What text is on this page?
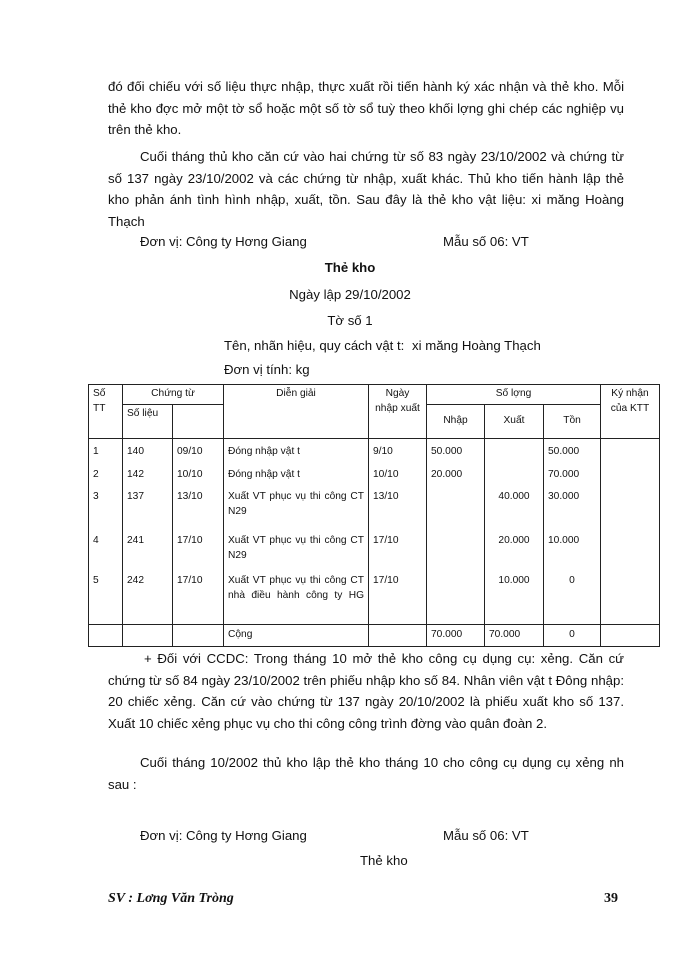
đó đối chiếu với số liệu thực nhập, thực xuất rồi tiến hành ký xác nhận và thẻ kho. Mỗi thẻ kho đợc mở một tờ sổ hoặc một số tờ sổ tuỳ theo khối lợng ghi chép các nghiệp vụ trên thẻ kho.

Cuối tháng thủ kho căn cứ vào hai chứng từ số 83 ngày 23/10/2002 và chứng từ số 137 ngày 23/10/2002 và các chứng từ nhập, xuất khác. Thủ kho tiến hành lập thẻ kho phản ánh tình hình nhập, xuất, tồn. Sau đây là thẻ kho vật liệu: xi măng Hoàng Thạch

Đơn vị: Công ty Hơng Giang	Mẫu số 06: VT
Thẻ kho
Ngày lập 29/10/2002
Tờ số 1
Tên, nhãn hiệu, quy cách vật t: xi măng Hoàng Thạch
Đơn vị tính: kg
Số TT	Chứng từ		Diễn giải	Ngày nhập xuất	Số lợng			Ký nhận của KTT
	Số liệu				Nhập	Xuất	Tồn	
1	140	09/10	Đóng nhập vật t	9/10	50.000		50.000	
2	142	10/10	Đóng nhập vật t	10/10	20.000		70.000	
3	137	13/10	Xuất VT phục vụ thi công CT N29	13/10		40.000	30.000	
4	241	17/10	Xuất VT phục vụ thi công CT N29	17/10		20.000	10.000	
5	242	17/10	Xuất VT phục vụ thi công CT nhà điều hành công ty HG	17/10		10.000	0	
			Cộng		70.000	70.000	0	

+ Đối với CCDC: Trong tháng 10 mở thẻ kho công cụ dụng cụ: xẻng. Căn cứ chứng từ số 84 ngày 23/10/2002 trên phiếu nhập kho số 84. Nhân viên vật t Đông nhập: 20 chiếc xẻng. Căn cứ vào chứng từ 137 ngày 20/10/2002 là phiếu xuất kho số 137. Xuất 10 chiếc xẻng phục vụ cho thi công công trình đờng vào quân đoàn 2.

Cuối tháng 10/2002 thủ kho lập thẻ kho tháng 10 cho công cụ dụng cụ xẻng nh sau :

Đơn vị: Công ty Hơng Giang	Mẫu số 06: VT
Thẻ kho
SV : Lơng Văn Tròng	39
